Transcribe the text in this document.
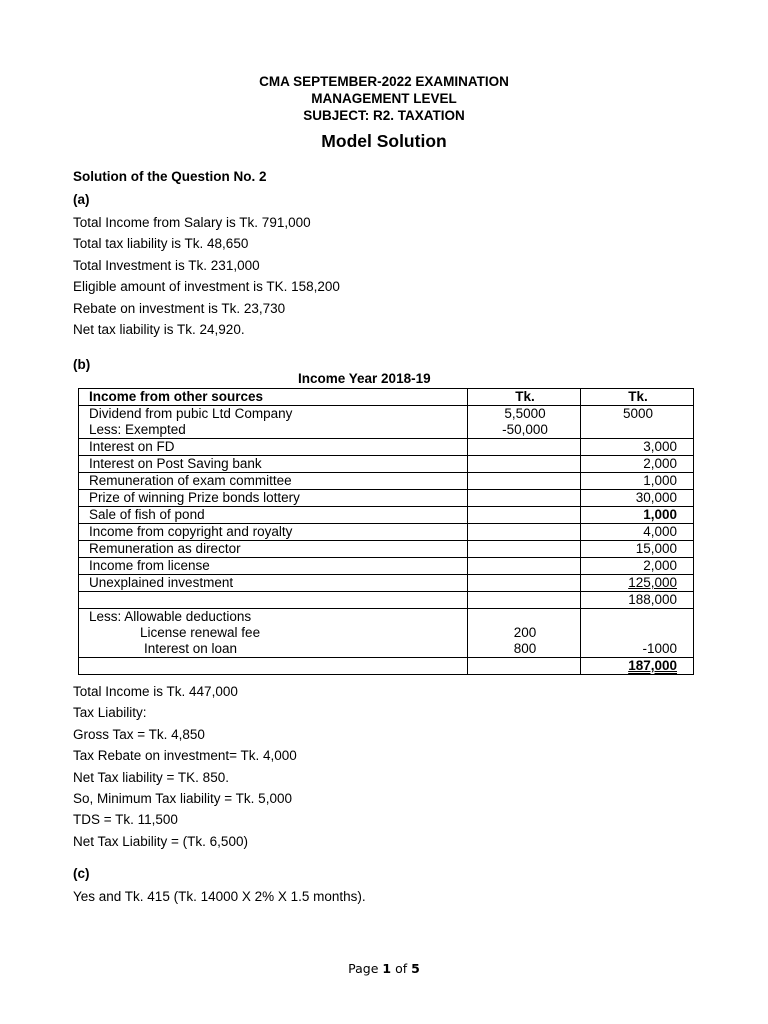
CMA SEPTEMBER-2022 EXAMINATION
MANAGEMENT LEVEL
SUBJECT: R2. TAXATION
Model Solution
Solution of the Question No. 2
(a)
Total Income from Salary is Tk. 791,000
Total tax liability is Tk. 48,650
Total Investment is Tk. 231,000
Eligible amount of investment is TK. 158,200
Rebate on investment is Tk. 23,730
Net tax liability is Tk. 24,920.
(b)
Income Year 2018-19
Income from other sources	Tk.	Tk.
Dividend from pubic Ltd Company	5,5000	5000
Less: Exempted	-50,000	
Interest on FD		3,000
Interest on Post Saving bank		2,000
Remuneration of exam committee		1,000
Prize of winning Prize bonds lottery		30,000
Sale of fish of pond		1,000
Income from copyright and royalty		4,000
Remuneration as director		15,000
Income from license		2,000
Unexplained investment		125,000
		188,000
Less: Allowable deductions		
License renewal fee	200	
Interest on loan	800	-1000
		187,000
Total Income is Tk. 447,000
Tax Liability:
Gross Tax = Tk. 4,850
Tax Rebate on investment= Tk. 4,000
Net Tax liability = TK. 850.
So, Minimum Tax liability = Tk. 5,000
TDS = Tk. 11,500
Net Tax Liability = (Tk. 6,500)
(c)
Yes and Tk. 415 (Tk. 14000 X 2% X 1.5 months).
Page 1 of 5
